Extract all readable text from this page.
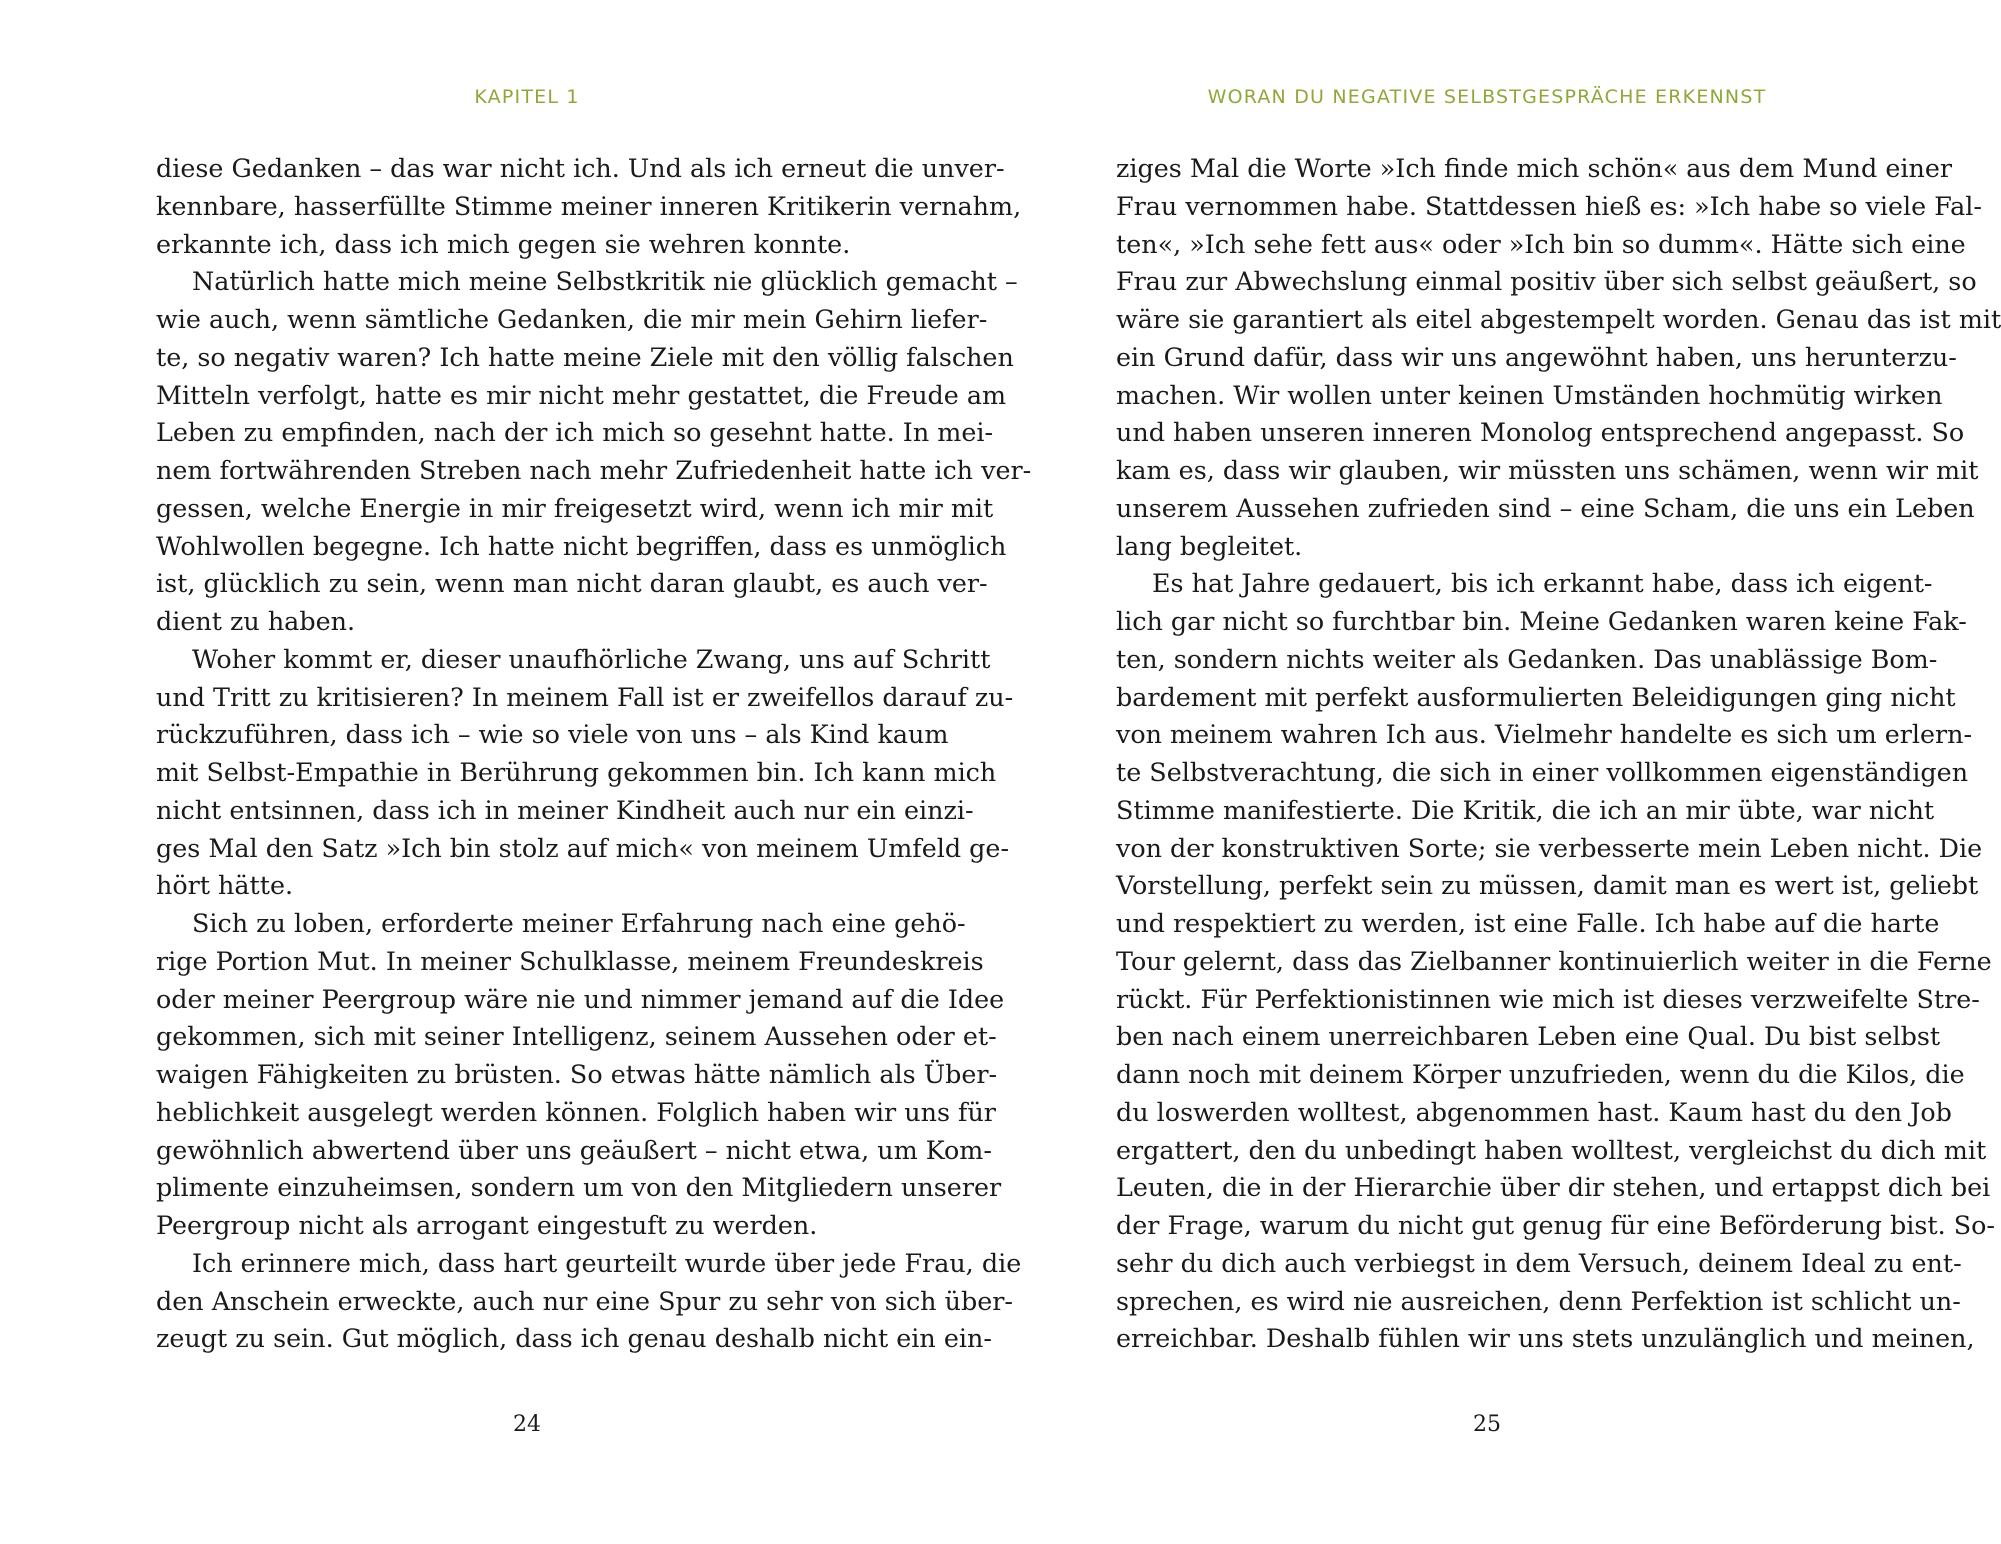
KAPITEL 1
diese Gedanken – das war nicht ich. Und als ich erneut die unver-
kennbare, hasserfüllte Stimme meiner inneren Kritikerin vernahm,
erkannte ich, dass ich mich gegen sie wehren konnte.
Natürlich hatte mich meine Selbstkritik nie glücklich gemacht –
wie auch, wenn sämtliche Gedanken, die mir mein Gehirn liefer-
te, so negativ waren? Ich hatte meine Ziele mit den völlig falschen
Mitteln verfolgt, hatte es mir nicht mehr gestattet, die Freude am
Leben zu empfinden, nach der ich mich so gesehnt hatte. In mei-
nem fortwährenden Streben nach mehr Zufriedenheit hatte ich ver-
gessen, welche Energie in mir freigesetzt wird, wenn ich mir mit
Wohlwollen begegne. Ich hatte nicht begriffen, dass es unmöglich
ist, glücklich zu sein, wenn man nicht daran glaubt, es auch ver-
dient zu haben.
Woher kommt er, dieser unaufhörliche Zwang, uns auf Schritt
und Tritt zu kritisieren? In meinem Fall ist er zweifellos darauf zu-
rückzuführen, dass ich – wie so viele von uns – als Kind kaum
mit Selbst-Empathie in Berührung gekommen bin. Ich kann mich
nicht entsinnen, dass ich in meiner Kindheit auch nur ein einzi-
ges Mal den Satz »Ich bin stolz auf mich« von meinem Umfeld ge-
hört hätte.
Sich zu loben, erforderte meiner Erfahrung nach eine gehö-
rige Portion Mut. In meiner Schulklasse, meinem Freundeskreis
oder meiner Peergroup wäre nie und nimmer jemand auf die Idee
gekommen, sich mit seiner Intelligenz, seinem Aussehen oder et-
waigen Fähigkeiten zu brüsten. So etwas hätte nämlich als Über-
heblichkeit ausgelegt werden können. Folglich haben wir uns für
gewöhnlich abwertend über uns geäußert – nicht etwa, um Kom-
plimente einzuheimsen, sondern um von den Mitgliedern unserer
Peergroup nicht als arrogant eingestuft zu werden.
Ich erinnere mich, dass hart geurteilt wurde über jede Frau, die
den Anschein erweckte, auch nur eine Spur zu sehr von sich über-
zeugt zu sein. Gut möglich, dass ich genau deshalb nicht ein ein-
24
WORAN DU NEGATIVE SELBSTGESPRÄCHE ERKENNST
ziges Mal die Worte »Ich finde mich schön« aus dem Mund einer
Frau vernommen habe. Stattdessen hieß es: »Ich habe so viele Fal-
ten«, »Ich sehe fett aus« oder »Ich bin so dumm«. Hätte sich eine
Frau zur Abwechslung einmal positiv über sich selbst geäußert, so
wäre sie garantiert als eitel abgestempelt worden. Genau das ist mit
ein Grund dafür, dass wir uns angewöhnt haben, uns herunterzu-
machen. Wir wollen unter keinen Umständen hochmütig wirken
und haben unseren inneren Monolog entsprechend angepasst. So
kam es, dass wir glauben, wir müssten uns schämen, wenn wir mit
unserem Aussehen zufrieden sind – eine Scham, die uns ein Leben
lang begleitet.
Es hat Jahre gedauert, bis ich erkannt habe, dass ich eigent-
lich gar nicht so furchtbar bin. Meine Gedanken waren keine Fak-
ten, sondern nichts weiter als Gedanken. Das unablässige Bom-
bardement mit perfekt ausformulierten Beleidigungen ging nicht
von meinem wahren Ich aus. Vielmehr handelte es sich um erlern-
te Selbstverachtung, die sich in einer vollkommen eigenständigen
Stimme manifestierte. Die Kritik, die ich an mir übte, war nicht
von der konstruktiven Sorte; sie verbesserte mein Leben nicht. Die
Vorstellung, perfekt sein zu müssen, damit man es wert ist, geliebt
und respektiert zu werden, ist eine Falle. Ich habe auf die harte
Tour gelernt, dass das Zielbanner kontinuierlich weiter in die Ferne
rückt. Für Perfektionistinnen wie mich ist dieses verzweifelte Stre-
ben nach einem unerreichbaren Leben eine Qual. Du bist selbst
dann noch mit deinem Körper unzufrieden, wenn du die Kilos, die
du loswerden wolltest, abgenommen hast. Kaum hast du den Job
ergattert, den du unbedingt haben wolltest, vergleichst du dich mit
Leuten, die in der Hierarchie über dir stehen, und ertappst dich bei
der Frage, warum du nicht gut genug für eine Beförderung bist. So-
sehr du dich auch verbiegst in dem Versuch, deinem Ideal zu ent-
sprechen, es wird nie ausreichen, denn Perfektion ist schlicht un-
erreichbar. Deshalb fühlen wir uns stets unzulänglich und meinen,
25
